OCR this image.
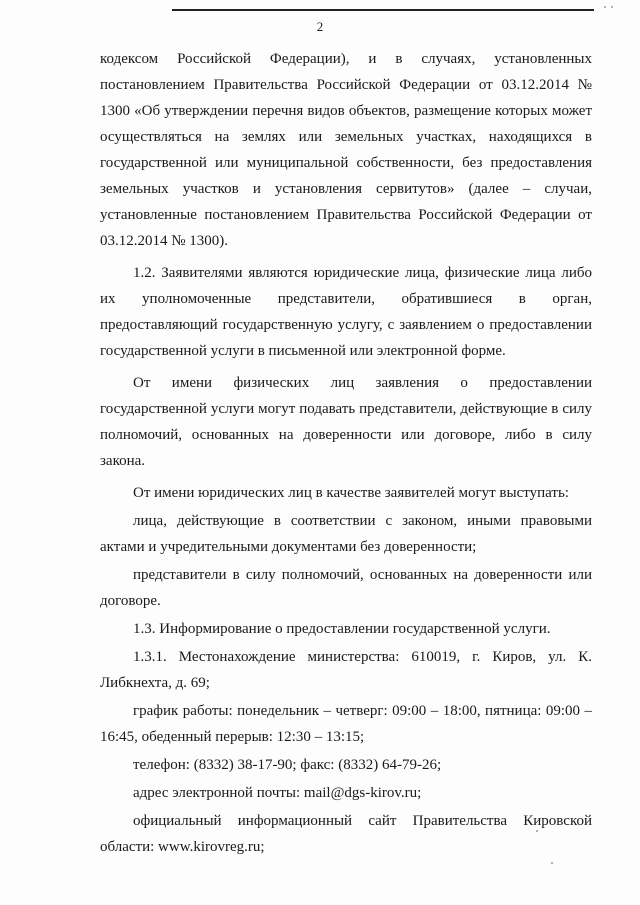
2

кодексом Российской Федерации), и в случаях, установленных постановлением Правительства Российской Федерации от 03.12.2014 № 1300 «Об утверждении перечня видов объектов, размещение которых может осуществляться на землях или земельных участках, находящихся в государственной или муниципальной собственности, без предоставления земельных участков и установления сервитутов» (далее – случаи, установленные постановлением Правительства Российской Федерации от 03.12.2014 № 1300).

1.2. Заявителями являются юридические лица, физические лица либо их уполномоченные представители, обратившиеся в орган, предоставляющий государственную услугу, с заявлением о предоставлении государственной услуги в письменной или электронной форме.

От имени физических лиц заявления о предоставлении государственной услуги могут подавать представители, действующие в силу полномочий, основанных на доверенности или договоре, либо в силу закона.

От имени юридических лиц в качестве заявителей могут выступать:

лица, действующие в соответствии с законом, иными правовыми актами и учредительными документами без доверенности;

представители в силу полномочий, основанных на доверенности или договоре.

1.3. Информирование о предоставлении государственной услуги.

1.3.1. Местонахождение министерства: 610019, г. Киров, ул. К. Либкнехта, д. 69;

график работы: понедельник – четверг: 09:00 – 18:00, пятница: 09:00 – 16:45, обеденный перерыв: 12:30 – 13:15;

телефон: (8332) 38-17-90; факс: (8332) 64-79-26;

адрес электронной почты: mail@dgs-kirov.ru;

официальный информационный сайт Правительства Кировской области: www.kirovreg.ru;
